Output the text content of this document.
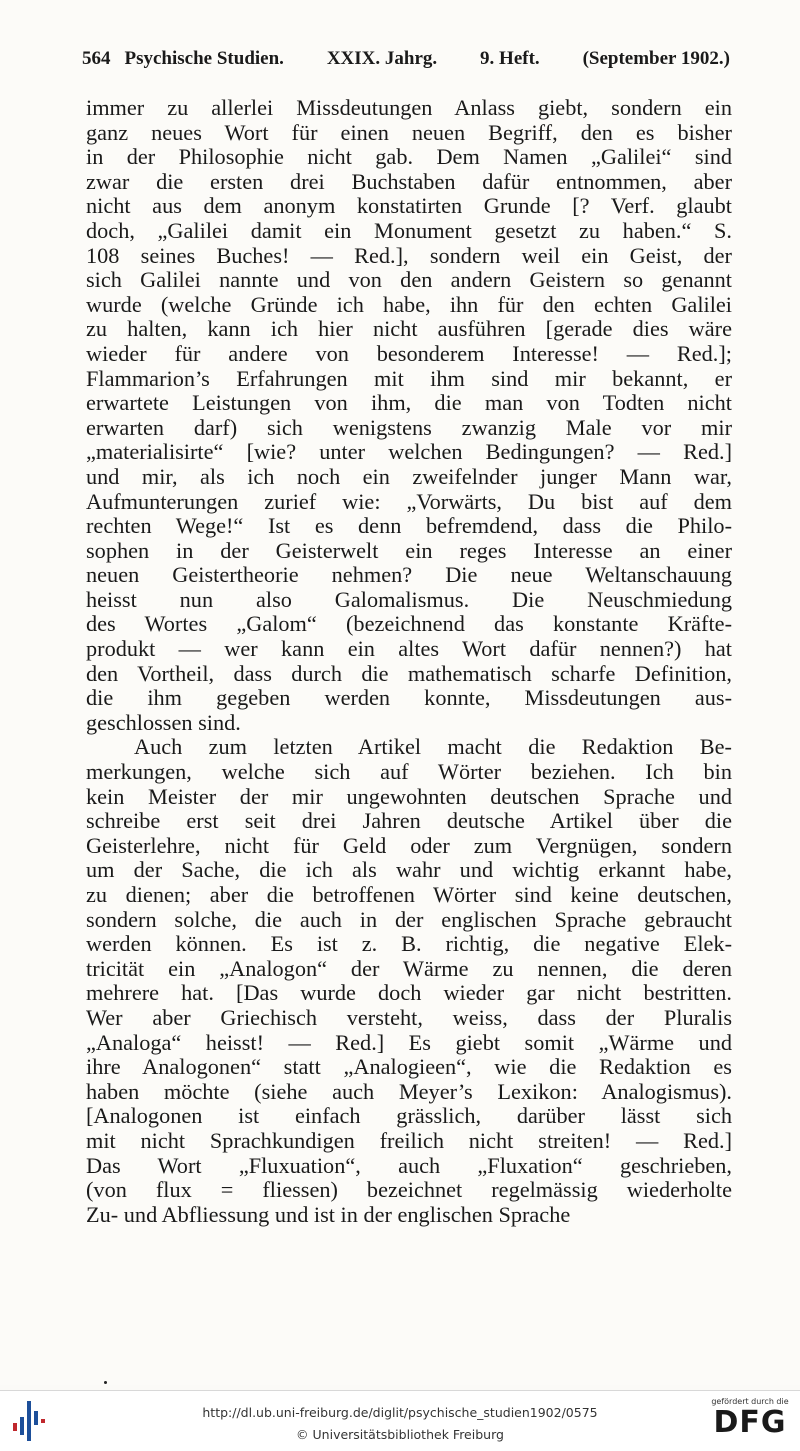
564 Psychische Studien. XXIX. Jahrg. 9. Heft. (September 1902.)
immer zu allerlei Missdeutungen Anlass giebt, sondern ein
ganz neues Wort für einen neuen Begriff, den es bisher
in der Philosophie nicht gab. Dem Namen „Galilei“ sind
zwar die ersten drei Buchstaben dafür entnommen, aber
nicht aus dem anonym konstatirten Grunde [? Verf. glaubt
doch, „Galilei damit ein Monument gesetzt zu haben.“ S.
108 seines Buches! — Red.], sondern weil ein Geist, der
sich Galilei nannte und von den andern Geistern so genannt
wurde (welche Gründe ich habe, ihn für den echten Galilei
zu halten, kann ich hier nicht ausführen [gerade dies wäre
wieder für andere von besonderem Interesse! — Red.];
Flammarion’s Erfahrungen mit ihm sind mir bekannt, er
erwartete Leistungen von ihm, die man von Todten nicht
erwarten darf) sich wenigstens zwanzig Male vor mir
„materialisirte“ [wie? unter welchen Bedingungen? — Red.]
und mir, als ich noch ein zweifelnder junger Mann war,
Aufmunterungen zurief wie: „Vorwärts, Du bist auf dem
rechten Wege!“ Ist es denn befremdend, dass die Philo-
sophen in der Geisterwelt ein reges Interesse an einer
neuen Geistertheorie nehmen? Die neue Weltanschauung
heisst nun also Galomalismus. Die Neuschmiedung
des Wortes „Galom“ (bezeichnend das konstante Kräfte-
produkt — wer kann ein altes Wort dafür nennen?) hat
den Vortheil, dass durch die mathematisch scharfe Definition,
die ihm gegeben werden konnte, Missdeutungen aus-
geschlossen sind.
Auch zum letzten Artikel macht die Redaktion Be-
merkungen, welche sich auf Wörter beziehen. Ich bin
kein Meister der mir ungewohnten deutschen Sprache und
schreibe erst seit drei Jahren deutsche Artikel über die
Geisterlehre, nicht für Geld oder zum Vergnügen, sondern
um der Sache, die ich als wahr und wichtig erkannt habe,
zu dienen; aber die betroffenen Wörter sind keine deutschen,
sondern solche, die auch in der englischen Sprache gebraucht
werden können. Es ist z. B. richtig, die negative Elek-
tricität ein „Analogon“ der Wärme zu nennen, die deren
mehrere hat. [Das wurde doch wieder gar nicht bestritten.
Wer aber Griechisch versteht, weiss, dass der Pluralis
„Analoga“ heisst! — Red.] Es giebt somit „Wärme und
ihre Analogonen“ statt „Analogieen“, wie die Redaktion es
haben möchte (siehe auch Meyer’s Lexikon: Analogismus).
[Analogonen ist einfach grässlich, darüber lässt sich
mit nicht Sprachkundigen freilich nicht streiten! — Red.]
Das Wort „Fluxuation“, auch „Fluxation“ geschrieben,
(von flux = fliessen) bezeichnet regelmässig wiederholte
Zu- und Abfliessung und ist in der englischen Sprache
http://dl.ub.uni-freiburg.de/diglit/psychische_studien1902/0575
© Universitätsbibliothek Freiburg
gefördert durch die
DFG
